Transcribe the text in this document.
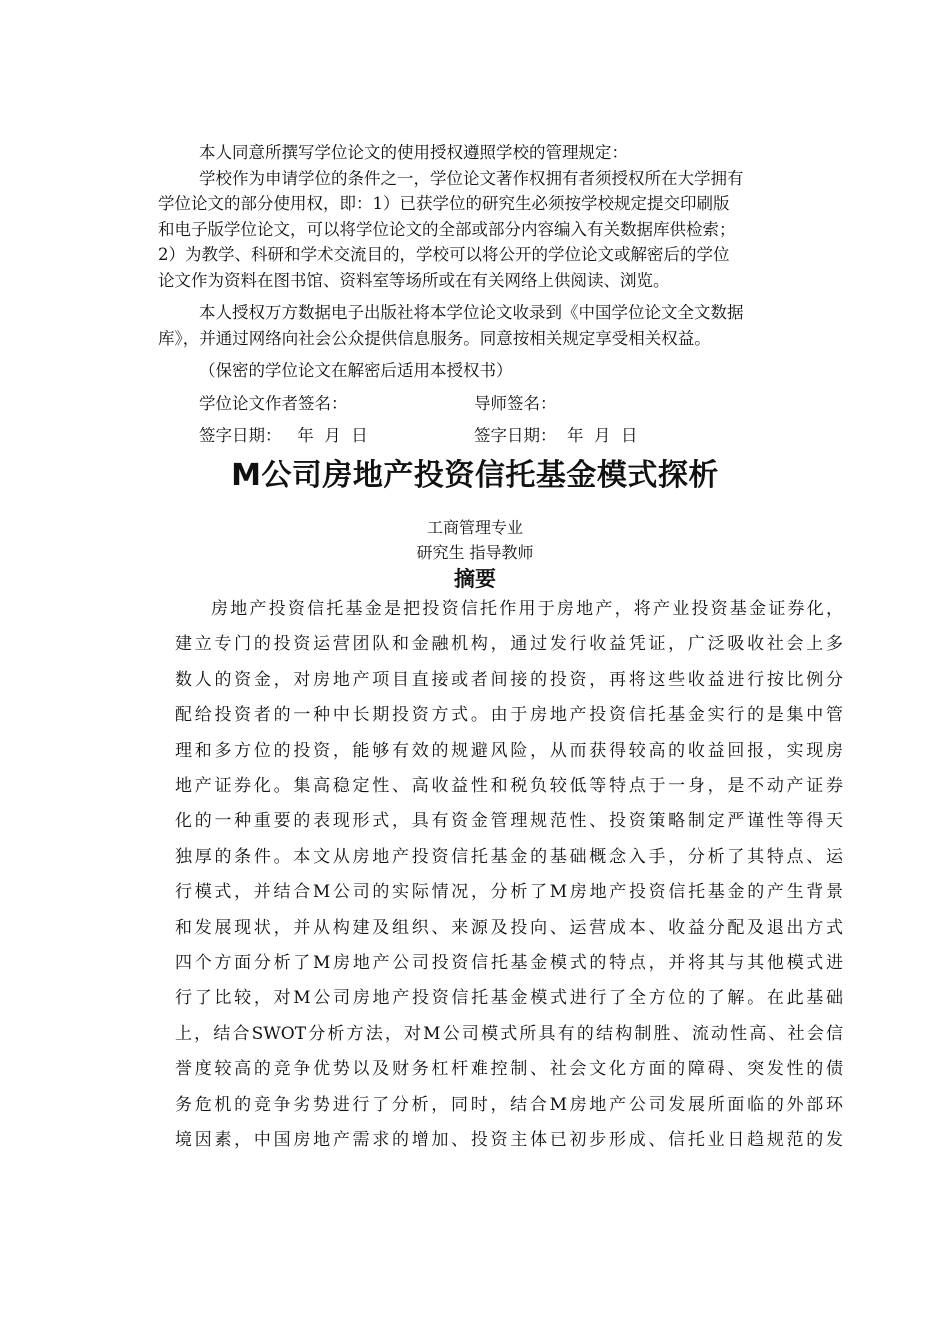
本人同意所撰写学位论文的使用授权遵照学校的管理规定：

学校作为申请学位的条件之一，学位论文著作权拥有者须授权所在大学拥有
学位论文的部分使用权，即：1）已获学位的研究生必须按学校规定提交印刷版
和电子版学位论文，可以将学位论文的全部或部分内容编入有关数据库供检索；
2）为教学、科研和学术交流目的，学校可以将公开的学位论文或解密后的学位
论文作为资料在图书馆、资料室等场所或在有关网络上供阅读、浏览。

本人授权万方数据电子出版社将本学位论文收录到《中国学位论文全文数据
库》，并通过网络向社会公众提供信息服务。同意按相关规定享受相关权益。

（保密的学位论文在解密后适用本授权书）

学位论文作者签名：	导师签名：
签字日期：   年  月  日	签字日期：  年  月  日
M公司房地产投资信托基金模式探析

工商管理专业

研究生 指导教师

摘要

房地产投资信托基金是把投资信托作用于房地产，将产业投资基金证券化，
建立专门的投资运营团队和金融机构，通过发行收益凭证，广泛吸收社会上多
数人的资金，对房地产项目直接或者间接的投资，再将这些收益进行按比例分
配给投资者的一种中长期投资方式。由于房地产投资信托基金实行的是集中管
理和多方位的投资，能够有效的规避风险，从而获得较高的收益回报，实现房
地产证券化。集高稳定性、高收益性和税负较低等特点于一身，是不动产证券
化的一种重要的表现形式，具有资金管理规范性、投资策略制定严谨性等得天
独厚的条件。本文从房地产投资信托基金的基础概念入手，分析了其特点、运
行模式，并结合M公司的实际情况，分析了M房地产投资信托基金的产生背景
和发展现状，并从构建及组织、来源及投向、运营成本、收益分配及退出方式
四个方面分析了M房地产公司投资信托基金模式的特点，并将其与其他模式进
行了比较，对M公司房地产投资信托基金模式进行了全方位的了解。在此基础
上，结合SWOT分析方法，对M公司模式所具有的结构制胜、流动性高、社会信
誉度较高的竞争优势以及财务杠杆难控制、社会文化方面的障碍、突发性的债
务危机的竞争劣势进行了分析，同时，结合M房地产公司发展所面临的外部环
境因素，中国房地产需求的增加、投资主体已初步形成、信托业日趋规范的发
